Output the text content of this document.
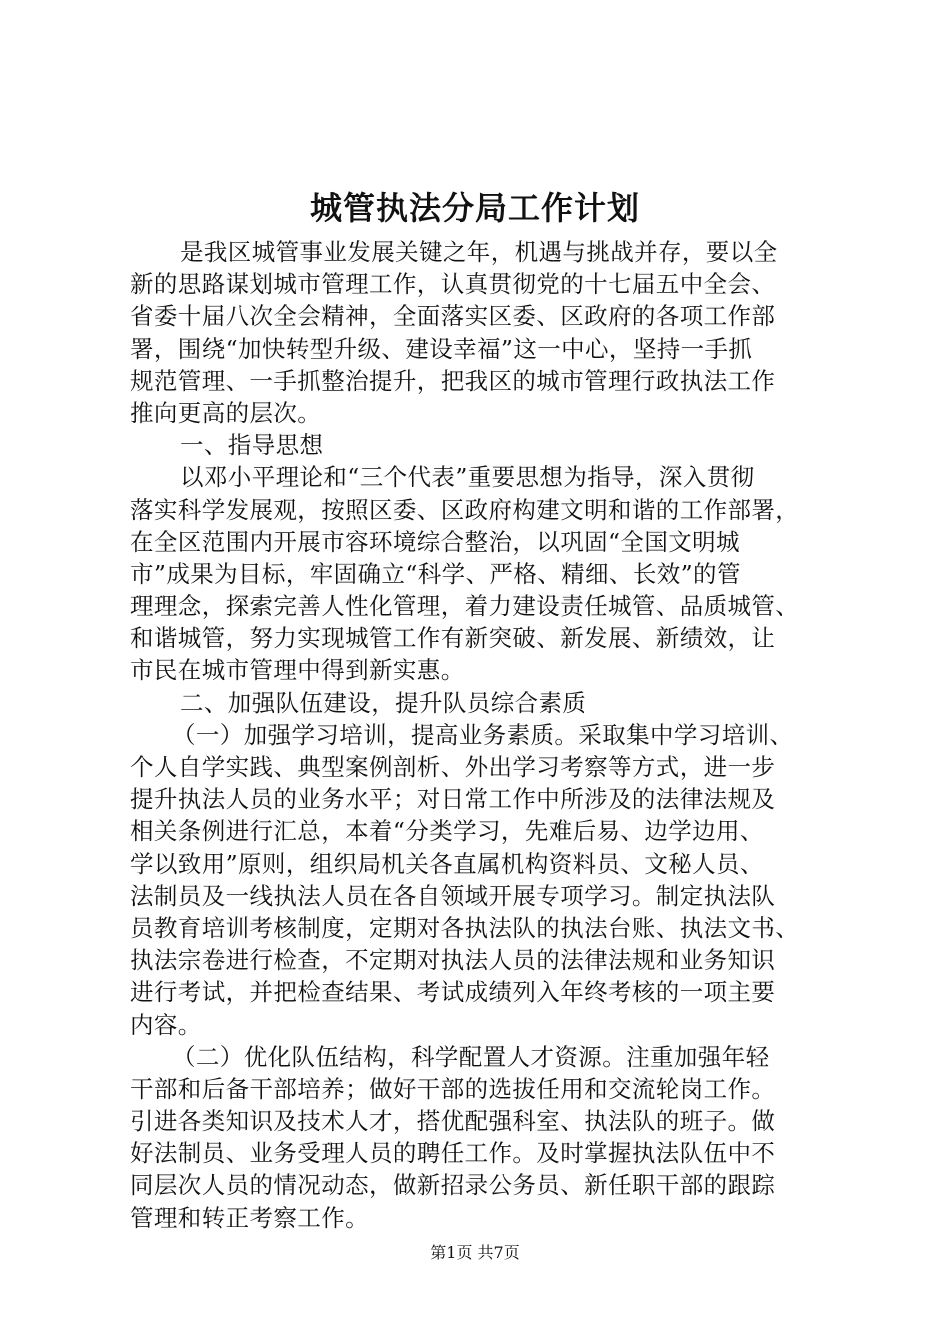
城管执法分局工作计划
是我区城管事业发展关键之年，机遇与挑战并存，要以全
新的思路谋划城市管理工作，认真贯彻党的十七届五中全会、
省委十届八次全会精神，全面落实区委、区政府的各项工作部
署，围绕“加快转型升级、建设幸福”这一中心，坚持一手抓
规范管理、一手抓整治提升，把我区的城市管理行政执法工作
推向更高的层次。
一、指导思想
以邓小平理论和“三个代表”重要思想为指导，深入贯彻
落实科学发展观，按照区委、区政府构建文明和谐的工作部署，
在全区范围内开展市容环境综合整治，以巩固“全国文明城
市”成果为目标，牢固确立“科学、严格、精细、长效”的管
理理念，探索完善人性化管理，着力建设责任城管、品质城管、
和谐城管，努力实现城管工作有新突破、新发展、新绩效，让
市民在城市管理中得到新实惠。
二、加强队伍建设，提升队员综合素质
（一）加强学习培训，提高业务素质。采取集中学习培训、
个人自学实践、典型案例剖析、外出学习考察等方式，进一步
提升执法人员的业务水平；对日常工作中所涉及的法律法规及
相关条例进行汇总，本着“分类学习，先难后易、边学边用、
学以致用”原则，组织局机关各直属机构资料员、文秘人员、
法制员及一线执法人员在各自领域开展专项学习。制定执法队
员教育培训考核制度，定期对各执法队的执法台账、执法文书、
执法宗卷进行检查，不定期对执法人员的法律法规和业务知识
进行考试，并把检查结果、考试成绩列入年终考核的一项主要
内容。
（二）优化队伍结构，科学配置人才资源。注重加强年轻
干部和后备干部培养；做好干部的选拔任用和交流轮岗工作。
引进各类知识及技术人才，搭优配强科室、执法队的班子。做
好法制员、业务受理人员的聘任工作。及时掌握执法队伍中不
同层次人员的情况动态，做新招录公务员、新任职干部的跟踪
管理和转正考察工作。
第1页 共7页
